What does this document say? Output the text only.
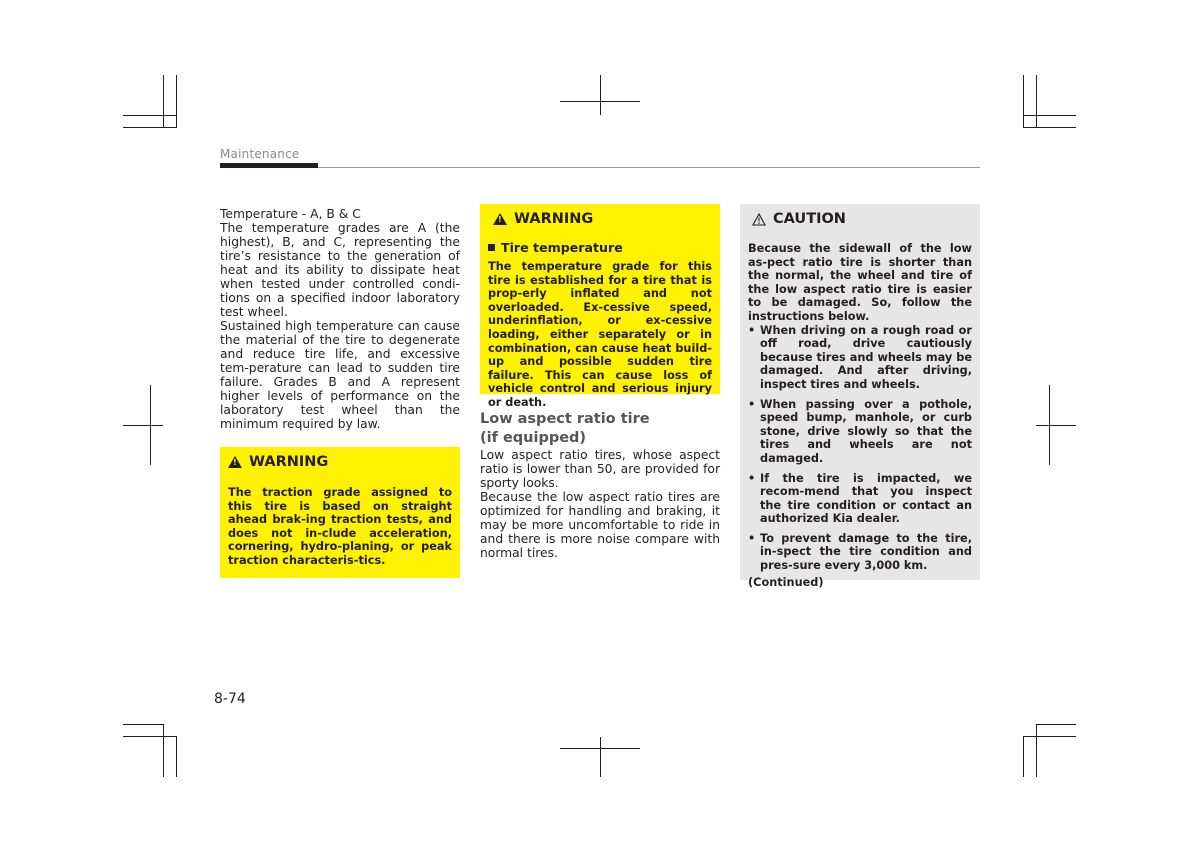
Maintenance

Temperature - A, B & C

The temperature grades are A (the highest), B, and C, representing the tire’s resistance to the generation of heat and its ability to dissipate heat when tested under controlled condi-tions on a specified indoor laboratory test wheel.

Sustained high temperature can cause the material of the tire to degenerate and reduce tire life, and excessive tem-perature can lead to sudden tire failure. Grades B and A represent higher levels of performance on the laboratory test wheel than the minimum required by law.

!
WARNING

The traction grade assigned to this tire is based on straight ahead brak-ing traction tests, and does not in-clude acceleration, cornering, hydro-planing, or peak traction characteris-tics.

!
WARNING

Tire temperature

The temperature grade for this tire is established for a tire that is prop-erly inflated and not overloaded. Ex-cessive speed, underinflation, or ex-cessive loading, either separately or in combination, can cause heat build-up and possible sudden tire failure. This can cause loss of vehicle control and serious injury or death.

Low aspect ratio tire (if equipped)

Low aspect ratio tires, whose aspect ratio is lower than 50, are provided for sporty looks.

Because the low aspect ratio tires are optimized for handling and braking, it may be more uncomfortable to ride in and there is more noise compare with normal tires.

CAUTION

Because the sidewall of the low as-pect ratio tire is shorter than the normal, the wheel and tire of the low aspect ratio tire is easier to be damaged. So, follow the instructions below.

• When driving on a rough road or off road, drive cautiously because tires and wheels may be damaged. And after driving, inspect tires and wheels.
• When passing over a pothole, speed bump, manhole, or curb stone, drive slowly so that the tires and wheels are not damaged.
• If the tire is impacted, we recom-mend that you inspect the tire condition or contact an authorized Kia dealer.
• To prevent damage to the tire, in-spect the tire condition and pres-sure every 3,000 km.

(Continued)

8-74
